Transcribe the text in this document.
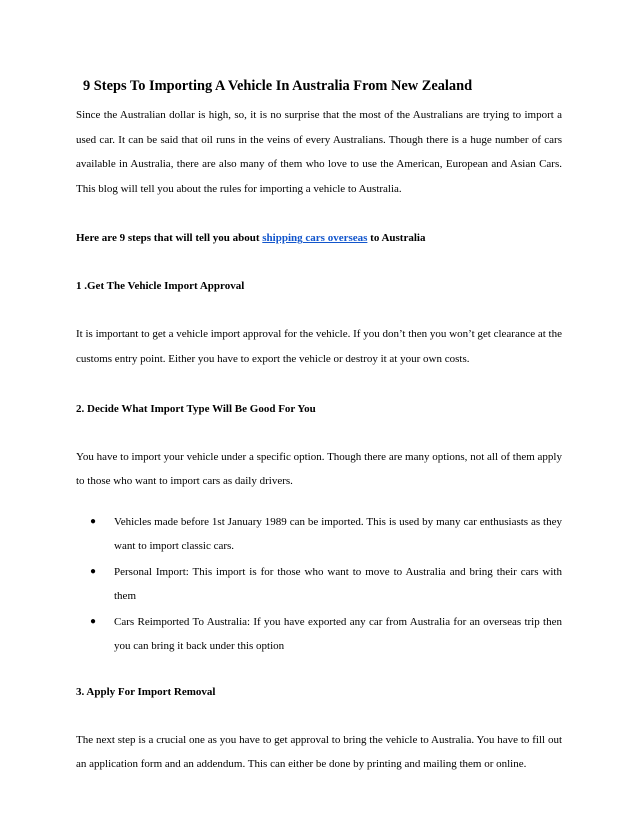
9 Steps To Importing A Vehicle In Australia From New Zealand

Since the Australian dollar is high, so, it is no surprise that the most of the Australians are trying to import a used car. It can be said that oil runs in the veins of every Australians. Though there is a huge number of cars available in Australia, there are also many of them who love to use the American, European and Asian Cars. This blog will tell you about the rules for importing a vehicle to Australia.

Here are 9 steps that will tell you about shipping cars overseas to Australia
1 .Get The Vehicle Import Approval

It is important to get a vehicle import approval for the vehicle. If you don’t then you won’t get clearance at the customs entry point. Either you have to export the vehicle or destroy it at your own costs.

2. Decide What Import Type Will Be Good For You

You have to import your vehicle under a specific option. Though there are many options, not all of them apply to those who want to import cars as daily drivers.

● Vehicles made before 1st January 1989 can be imported. This is used by many car enthusiasts as they want to import classic cars.

● Personal Import: This import is for those who want to move to Australia and bring their cars with them

● Cars Reimported To Australia: If you have exported any car from Australia for an overseas trip then you can bring it back under this option

3. Apply For Import Removal

The next step is a crucial one as you have to get approval to bring the vehicle to Australia. You have to fill out an application form and an addendum. This can either be done by printing and mailing them or online.
